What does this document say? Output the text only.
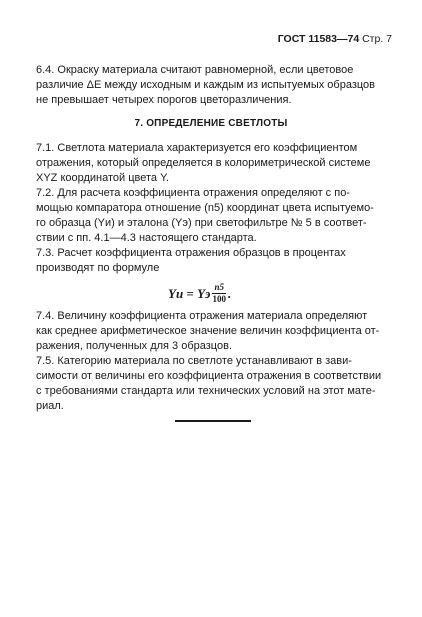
ГОСТ 11583—74 Стр. 7
6.4. Окраску материала считают равномерной, если цветовое
различие ΔE между исходным и каждым из испытуемых образцов
не превышает четырех порогов цветоразличения.
7. ОПРЕДЕЛЕНИЕ СВЕТЛОТЫ
7.1. Светлота материала характеризуется его коэффициентом
отражения, который определяется в колориметрической системе
XYZ координатой цвета Y.
7.2. Для расчета коэффициента отражения определяют с по-
мощью компаратора отношение (n5) координат цвета испытуемо-
го образца (Yи) и эталона (Yэ) при светофильтре № 5 в соответ-
ствии с пп. 4.1—4.3 настоящего стандарта.
7.3. Расчет коэффициента отражения образцов в процентах
производят по формуле
Yи = Yэ $\frac{n5}{100}$ .
7.4. Величину коэффициента отражения материала определяют
как среднее арифметическое значение величин коэффициента от-
ражения, полученных для 3 образцов.
7.5. Категорию материала по светлоте устанавливают в зави-
симости от величины его коэффициента отражения в соответствии
с требованиями стандарта или технических условий на этот мате-
риал.
